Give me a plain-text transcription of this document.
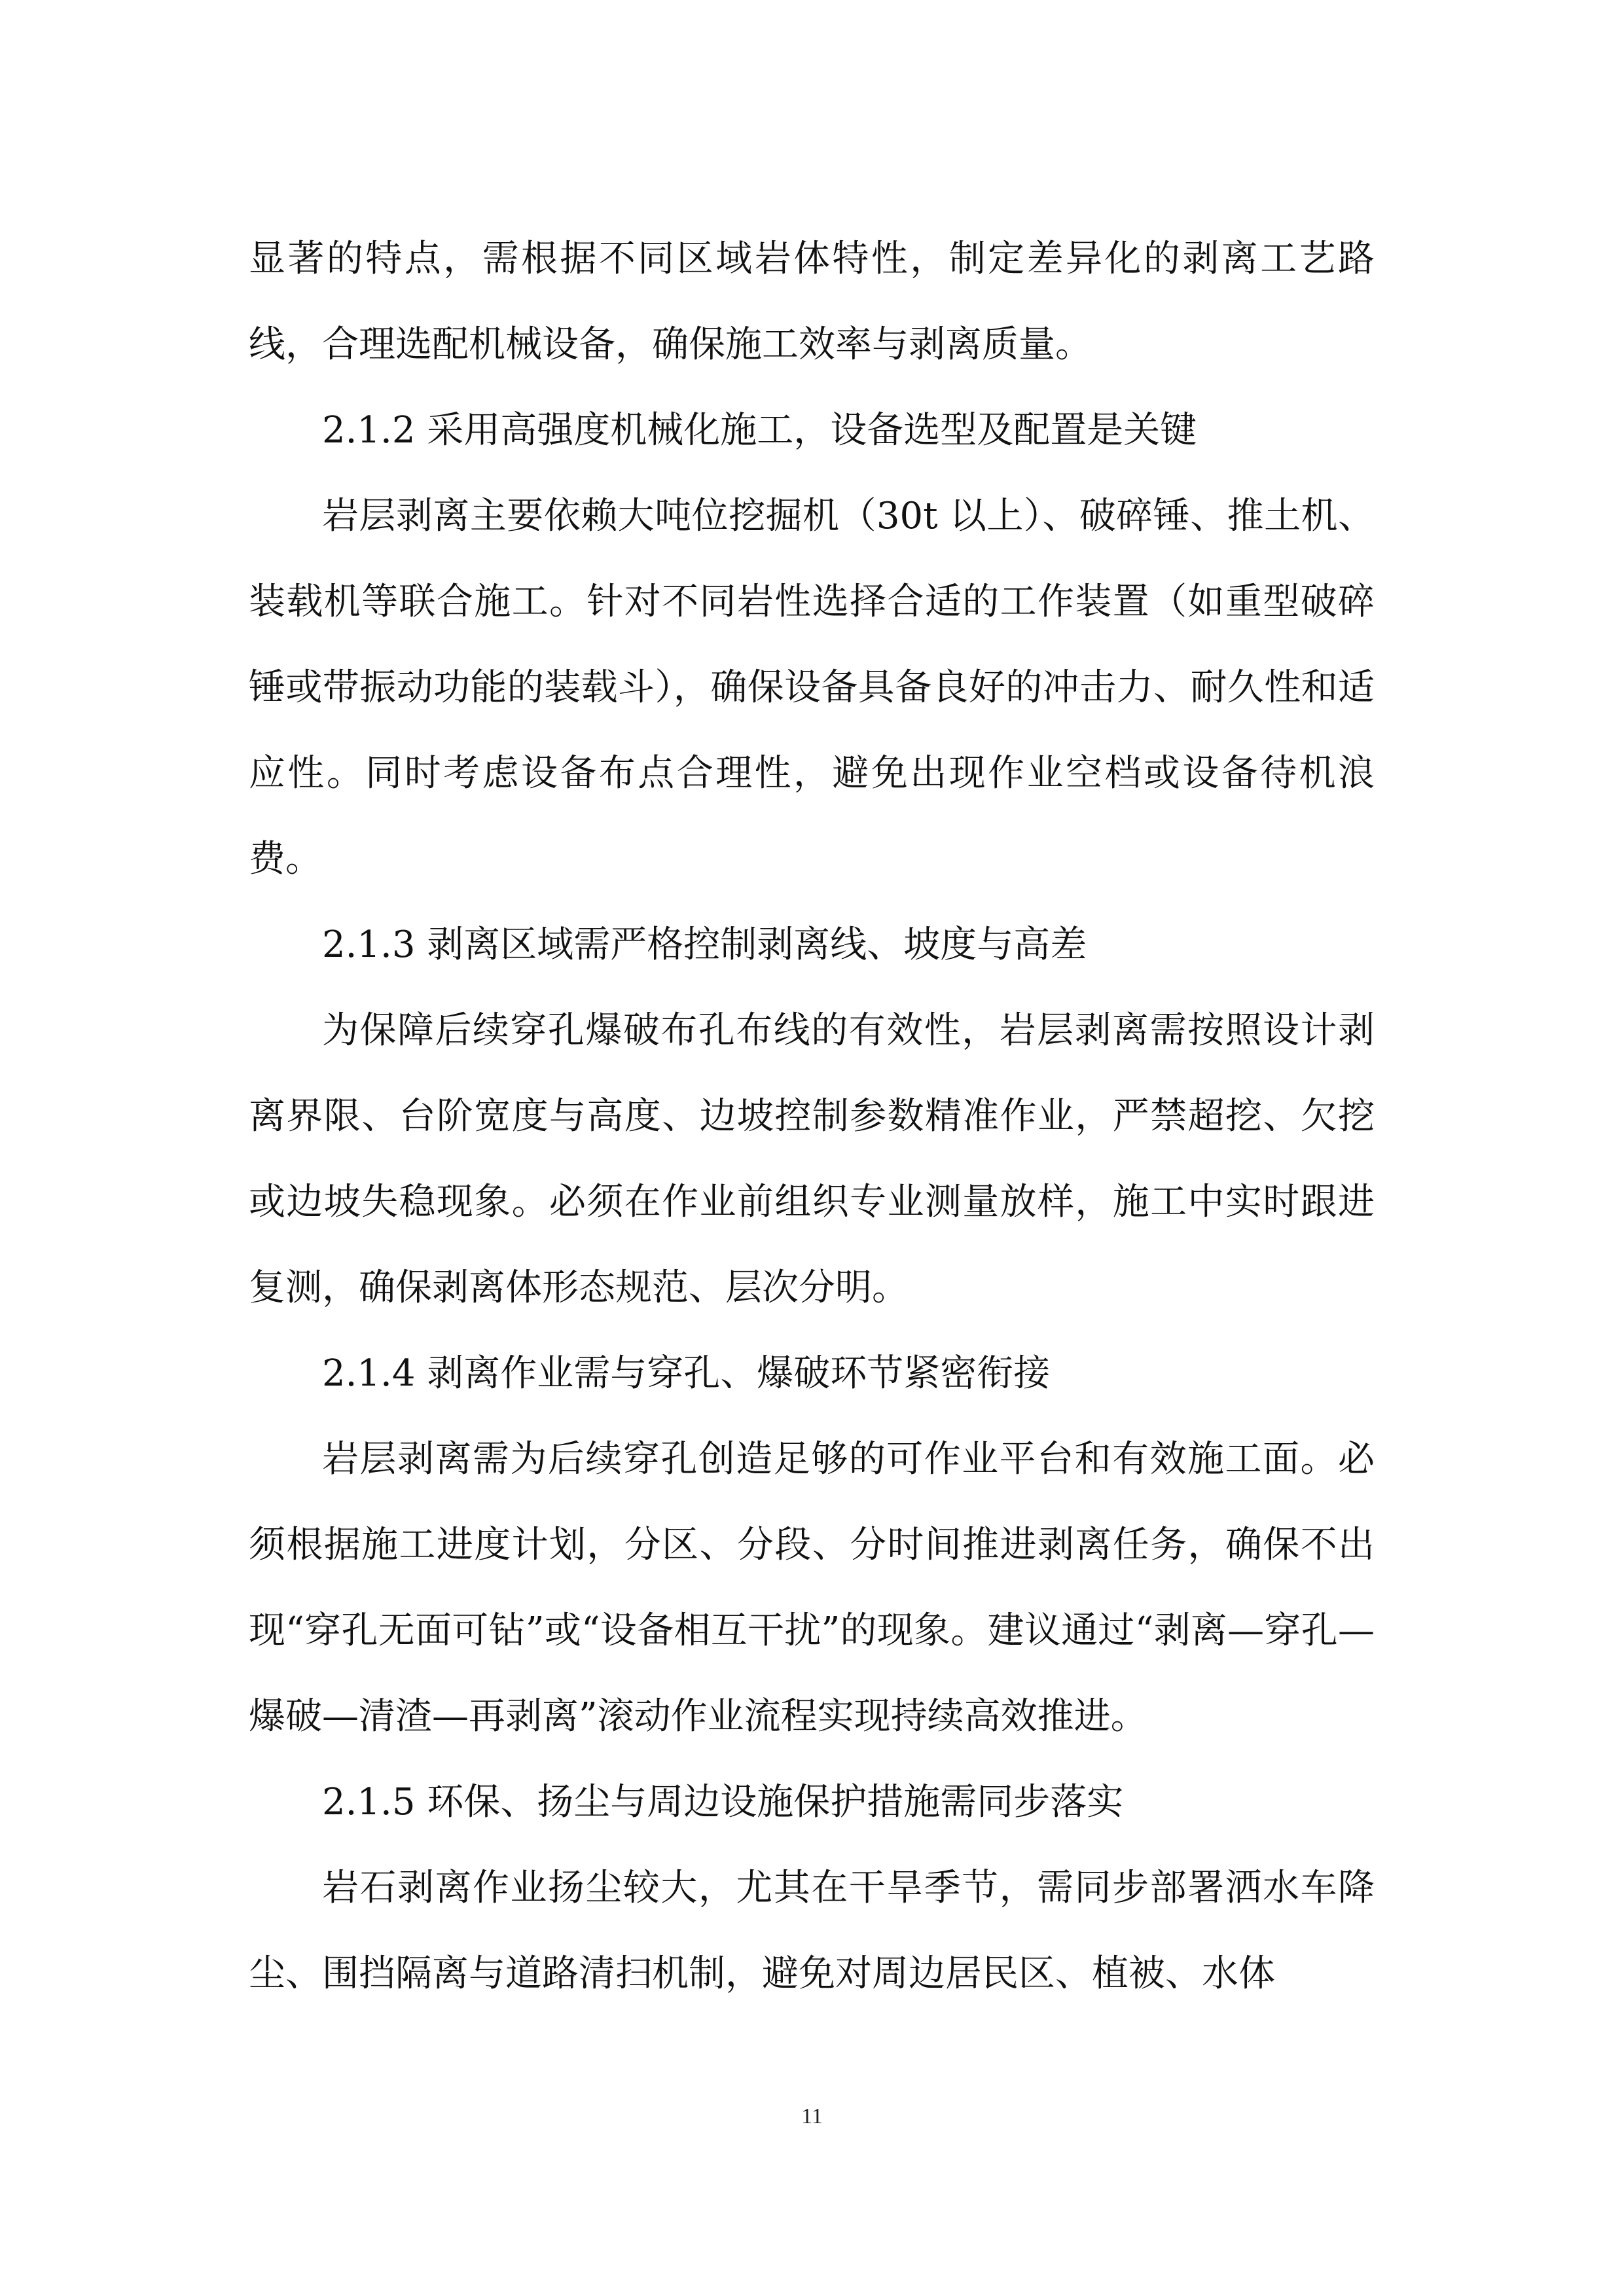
显著的特点，需根据不同区域岩体特性，制定差异化的剥离工艺路线，合理选配机械设备，确保施工效率与剥离质量。

2.1.2 采用高强度机械化施工，设备选型及配置是关键

岩层剥离主要依赖大吨位挖掘机（30t 以上）、破碎锤、推土机、装载机等联合施工。针对不同岩性选择合适的工作装置（如重型破碎锤或带振动功能的装载斗），确保设备具备良好的冲击力、耐久性和适应性。同时考虑设备布点合理性，避免出现作业空档或设备待机浪费。

2.1.3 剥离区域需严格控制剥离线、坡度与高差

为保障后续穿孔爆破布孔布线的有效性，岩层剥离需按照设计剥离界限、台阶宽度与高度、边坡控制参数精准作业，严禁超挖、欠挖或边坡失稳现象。必须在作业前组织专业测量放样，施工中实时跟进复测，确保剥离体形态规范、层次分明。

2.1.4 剥离作业需与穿孔、爆破环节紧密衔接

岩层剥离需为后续穿孔创造足够的可作业平台和有效施工面。必须根据施工进度计划，分区、分段、分时间推进剥离任务，确保不出现“穿孔无面可钻”或“设备相互干扰”的现象。建议通过“剥离—穿孔—爆破—清渣—再剥离”滚动作业流程实现持续高效推进。

2.1.5 环保、扬尘与周边设施保护措施需同步落实

岩石剥离作业扬尘较大，尤其在干旱季节，需同步部署洒水车降尘、围挡隔离与道路清扫机制，避免对周边居民区、植被、水体

11
